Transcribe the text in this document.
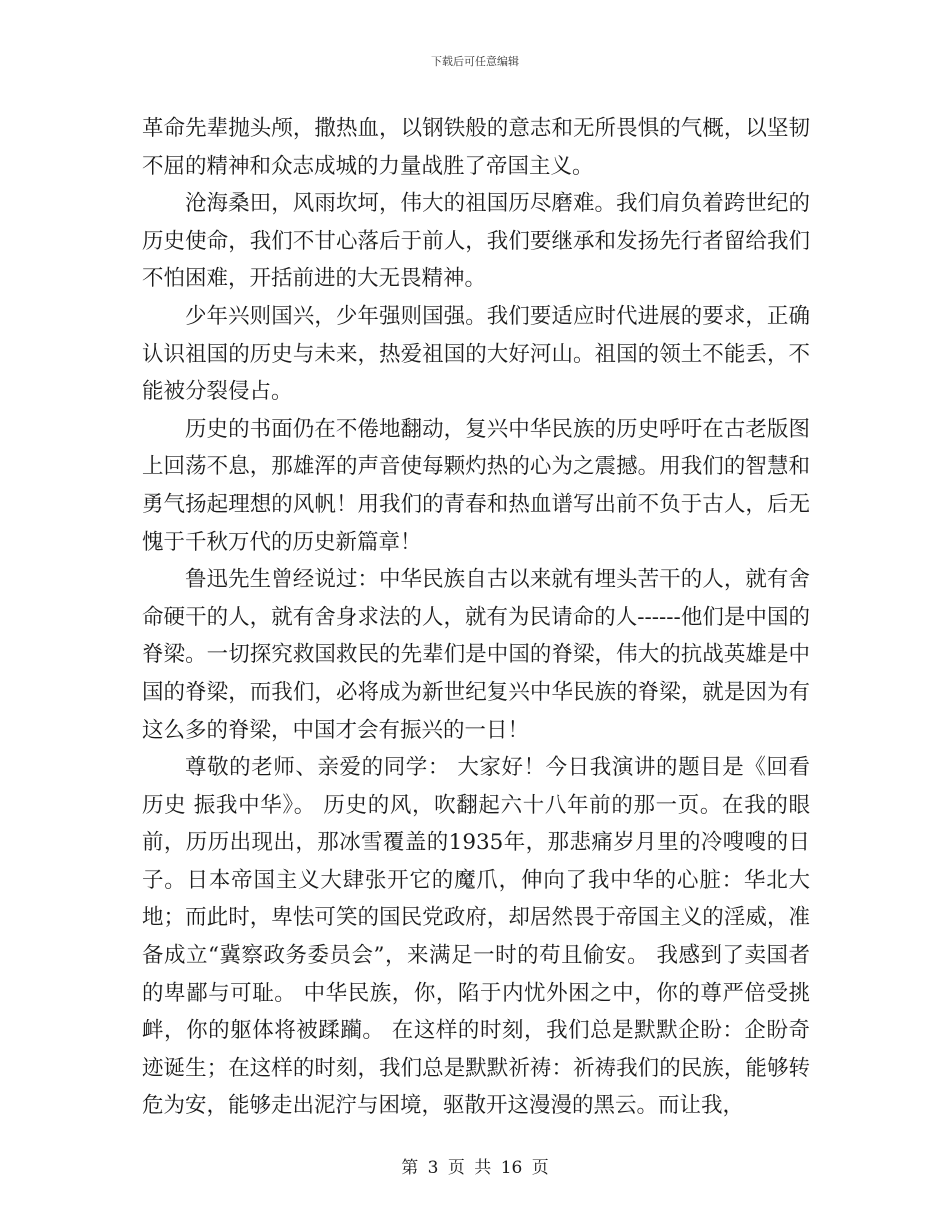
下载后可任意编辑

革命先辈抛头颅，撒热血，以钢铁般的意志和无所畏惧的气概，以坚韧不屈的精神和众志成城的力量战胜了帝国主义。

沧海桑田，风雨坎坷，伟大的祖国历尽磨难。我们肩负着跨世纪的历史使命，我们不甘心落后于前人，我们要继承和发扬先行者留给我们不怕困难，开括前进的大无畏精神。

少年兴则国兴，少年强则国强。我们要适应时代进展的要求，正确认识祖国的历史与未来，热爱祖国的大好河山。祖国的领土不能丢，不能被分裂侵占。

历史的书面仍在不倦地翻动，复兴中华民族的历史呼吁在古老版图上回荡不息，那雄浑的声音使每颗灼热的心为之震撼。用我们的智慧和勇气扬起理想的风帆！用我们的青春和热血谱写出前不负于古人，后无愧于千秋万代的历史新篇章！

鲁迅先生曾经说过：中华民族自古以来就有埋头苦干的人，就有舍命硬干的人，就有舍身求法的人，就有为民请命的人------他们是中国的脊梁。一切探究救国救民的先辈们是中国的脊梁，伟大的抗战英雄是中国的脊梁，而我们，必将成为新世纪复兴中华民族的脊梁，就是因为有这么多的脊梁，中国才会有振兴的一日！

尊敬的老师、亲爱的同学： 大家好！今日我演讲的题目是《回看历史 振我中华》。 历史的风，吹翻起六十八年前的那一页。在我的眼前，历历出现出，那冰雪覆盖的1935年，那悲痛岁月里的冷嗖嗖的日子。日本帝国主义大肆张开它的魔爪，伸向了我中华的心脏：华北大地；而此时，卑怯可笑的国民党政府，却居然畏于帝国主义的淫威，准备成立“冀察政务委员会”，来满足一时的苟且偷安。 我感到了卖国者的卑鄙与可耻。 中华民族，你，陷于内忧外困之中，你的尊严倍受挑衅，你的躯体将被蹂躏。 在这样的时刻，我们总是默默企盼：企盼奇迹诞生；在这样的时刻，我们总是默默祈祷：祈祷我们的民族，能够转危为安，能够走出泥泞与困境，驱散开这漫漫的黑云。而让我，

第 3 页 共 16 页
